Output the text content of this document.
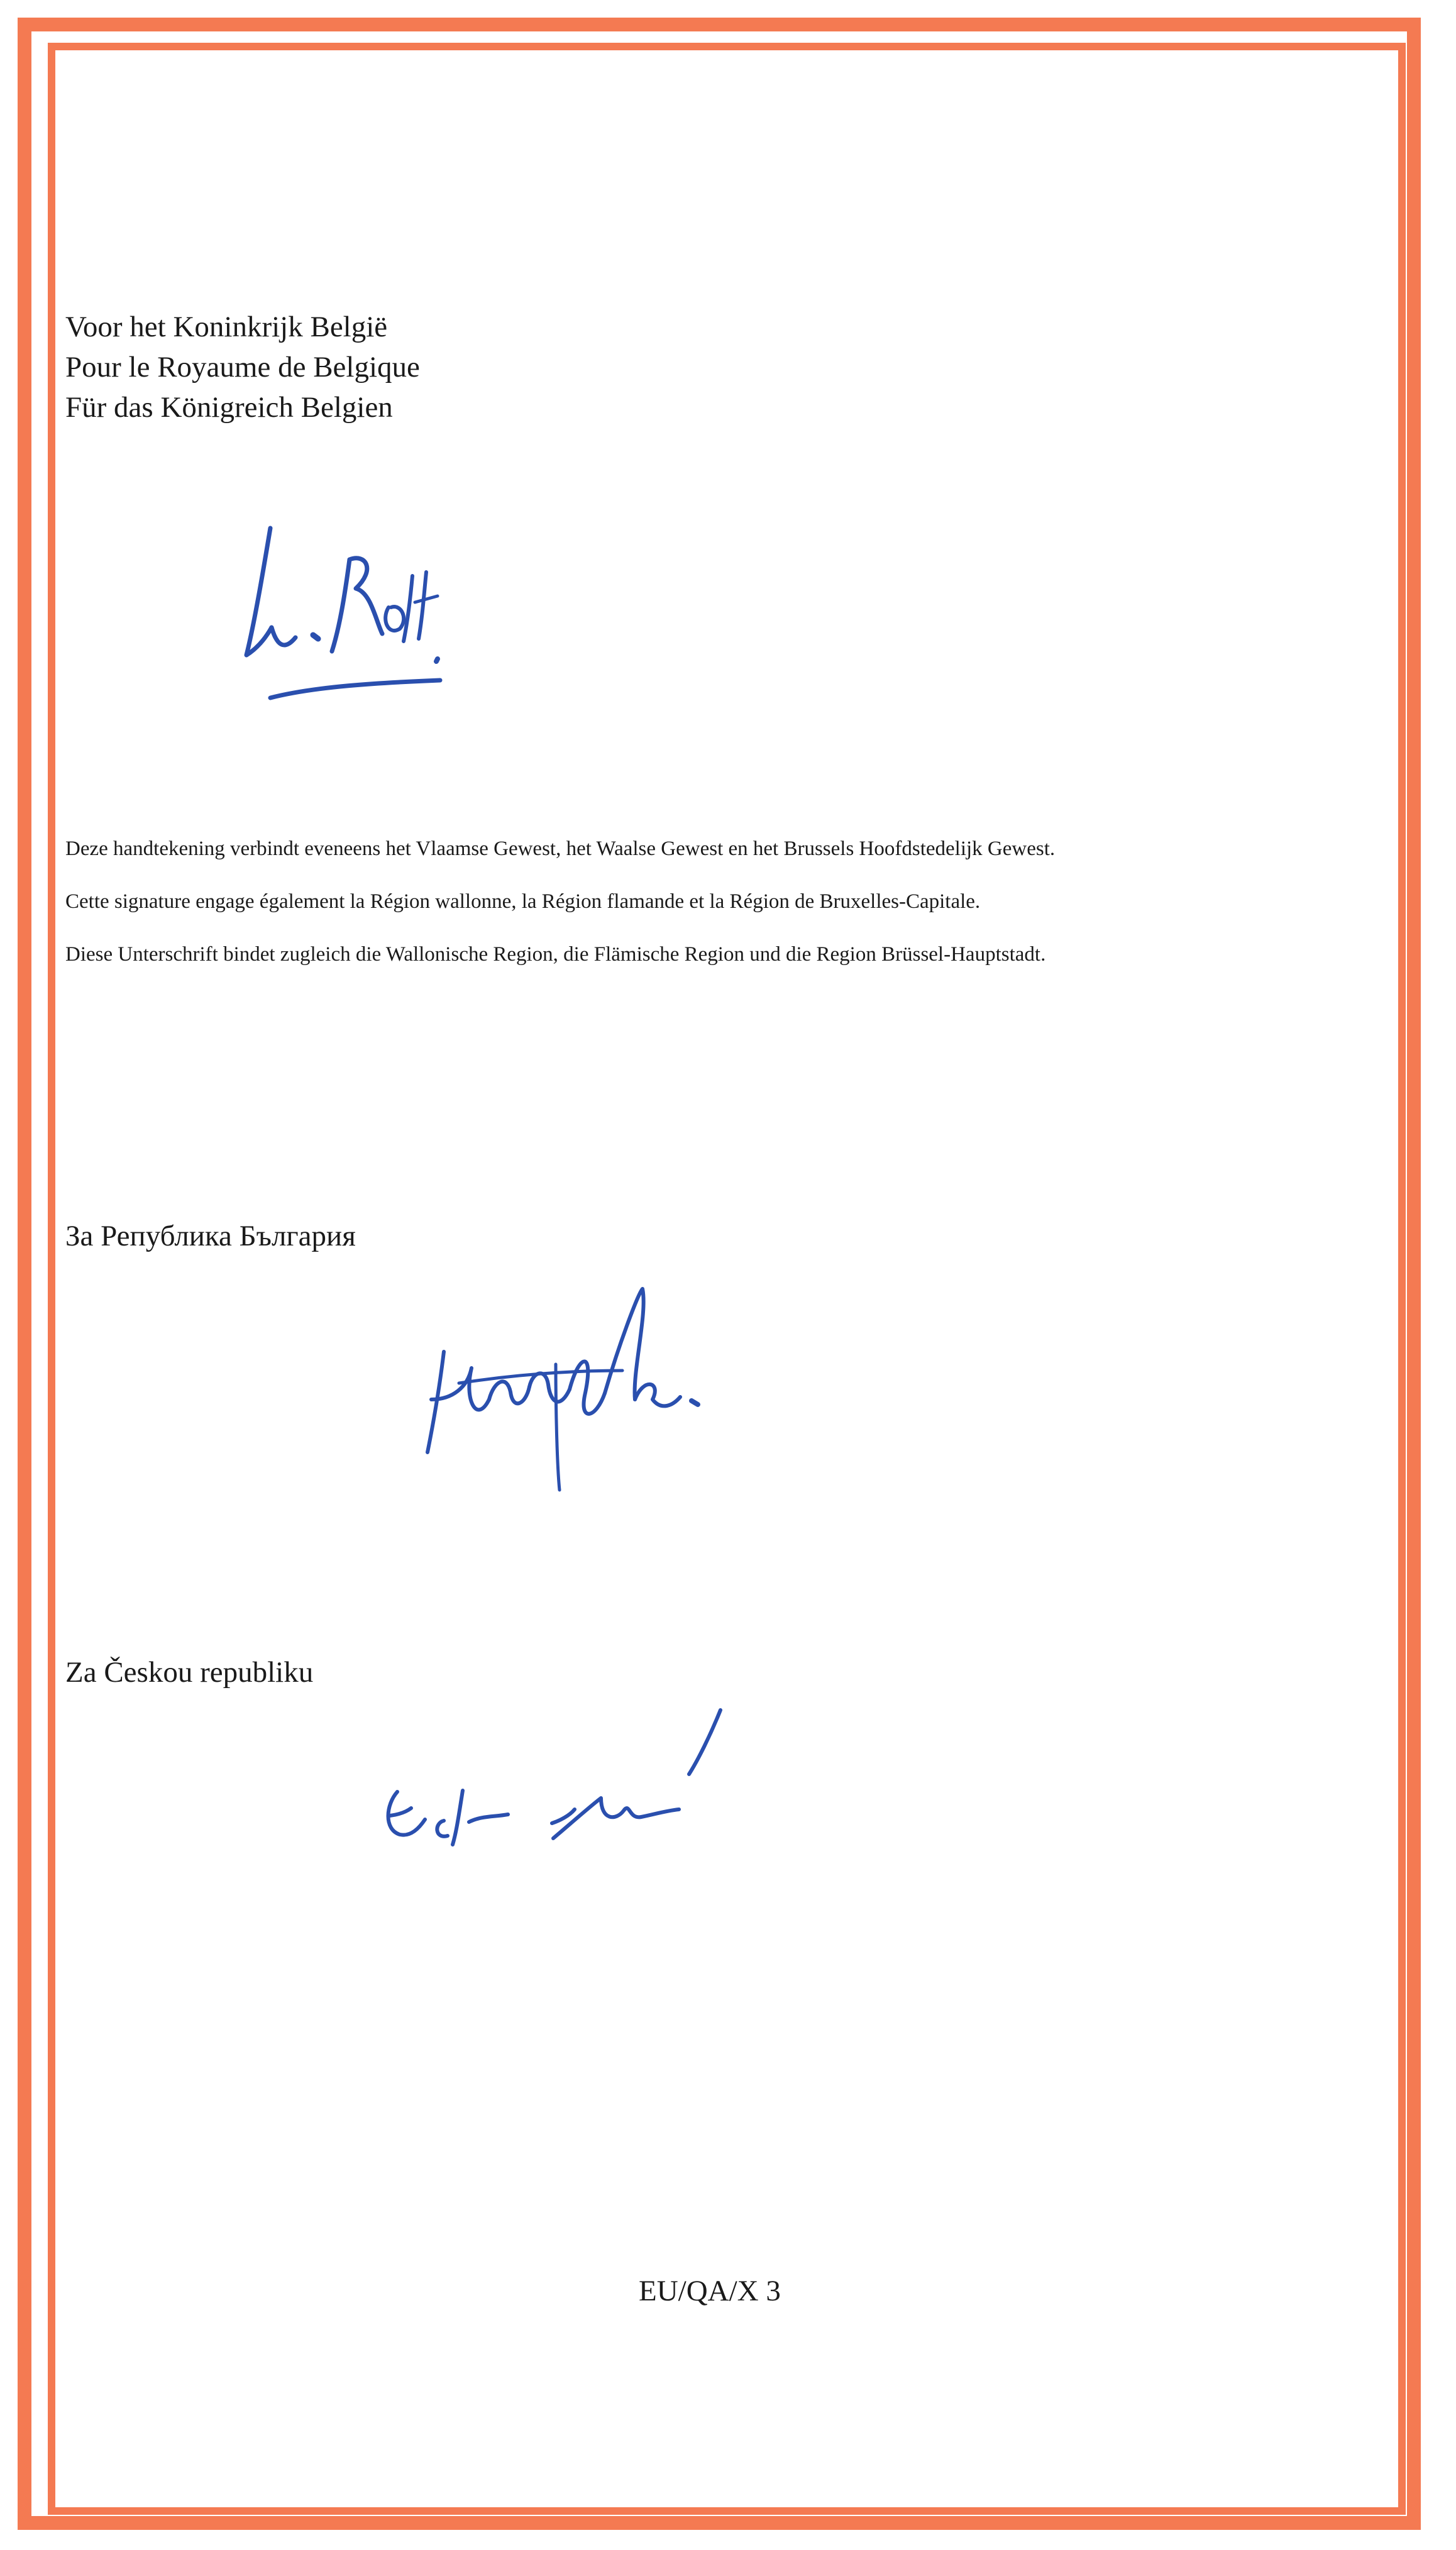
Voor het Koninkrijk België

Pour le Royaume de Belgique

Für das Königreich Belgien

Deze handtekening verbindt eveneens het Vlaamse Gewest, het Waalse Gewest en het Brussels Hoofdstedelijk Gewest.

Cette signature engage également la Région wallonne, la Région flamande et la Région de Bruxelles-Capitale.

Diese Unterschrift bindet zugleich die Wallonische Region, die Flämische Region und die Region Brüssel-Hauptstadt.

За Република България

Za Českou republiku

EU/QA/X 3
